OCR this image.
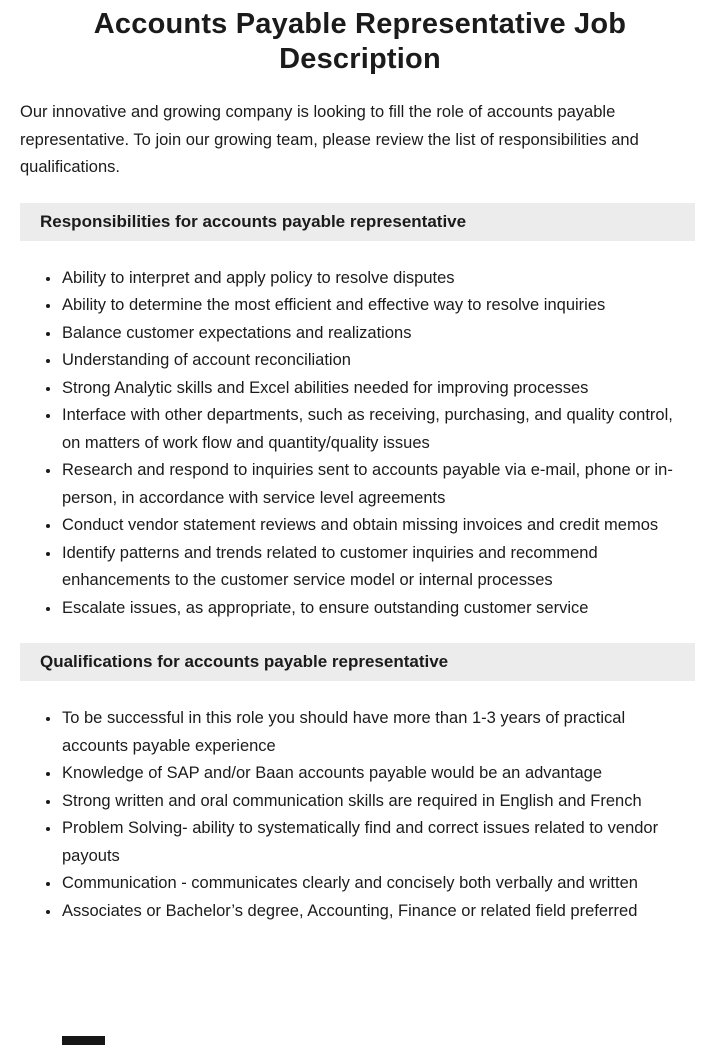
Accounts Payable Representative Job Description

Our innovative and growing company is looking to fill the role of accounts payable representative. To join our growing team, please review the list of responsibilities and qualifications.

Responsibilities for accounts payable representative
• Ability to interpret and apply policy to resolve disputes
• Ability to determine the most efficient and effective way to resolve inquiries
• Balance customer expectations and realizations
• Understanding of account reconciliation
• Strong Analytic skills and Excel abilities needed for improving processes
• Interface with other departments, such as receiving, purchasing, and quality control, on matters of work flow and quantity/quality issues
• Research and respond to inquiries sent to accounts payable via e-mail, phone or in-person, in accordance with service level agreements
• Conduct vendor statement reviews and obtain missing invoices and credit memos
• Identify patterns and trends related to customer inquiries and recommend enhancements to the customer service model or internal processes
• Escalate issues, as appropriate, to ensure outstanding customer service
Qualifications for accounts payable representative
• To be successful in this role you should have more than 1-3 years of practical accounts payable experience
• Knowledge of SAP and/or Baan accounts payable would be an advantage
• Strong written and oral communication skills are required in English and French
• Problem Solving- ability to systematically find and correct issues related to vendor payouts
• Communication - communicates clearly and concisely both verbally and written
• Associates or Bachelor’s degree, Accounting, Finance or related field preferred
